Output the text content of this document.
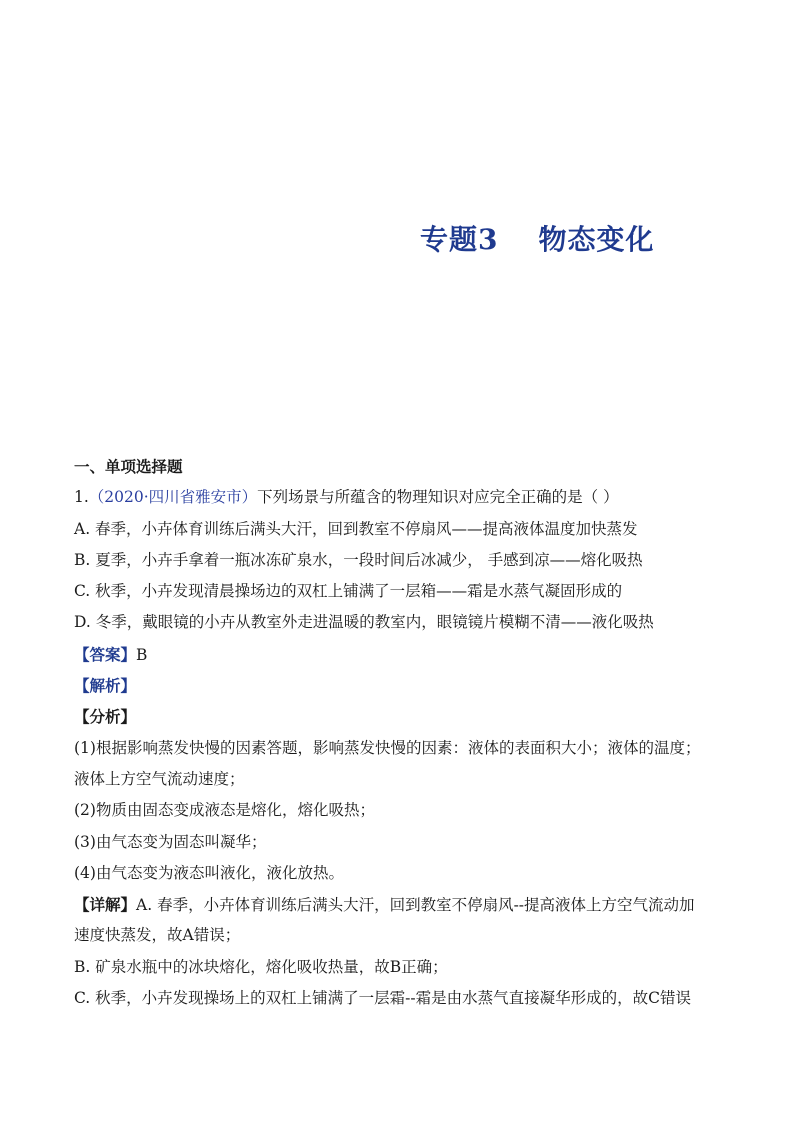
专题3 物态变化
一、单项选择题
1.（2020·四川省雅安市）下列场景与所蕴含的物理知识对应完全正确的是（ ）
A. 春季，小卉体育训练后满头大汗，回到教室不停扇风——提高液体温度加快蒸发
B. 夏季，小卉手拿着一瓶冰冻矿泉水，一段时间后冰减少， 手感到凉——熔化吸热
C. 秋季，小卉发现清晨操场边的双杠上铺满了一层箱——霜是水蒸气凝固形成的
D. 冬季，戴眼镜的小卉从教室外走进温暖的教室内，眼镜镜片模糊不清——液化吸热
【答案】B
【解析】
【分析】
(1)根据影响蒸发快慢的因素答题，影响蒸发快慢的因素：液体的表面积大小；液体的温度；
液体上方空气流动速度；
(2)物质由固态变成液态是熔化，熔化吸热；
(3)由气态变为固态叫凝华；
(4)由气态变为液态叫液化，液化放热。
【详解】A. 春季，小卉体育训练后满头大汗，回到教室不停扇风--提高液体上方空气流动加
速度快蒸发，故A错误；
B. 矿泉水瓶中的冰块熔化，熔化吸收热量，故B正确；
C. 秋季，小卉发现操场上的双杠上铺满了一层霜--霜是由水蒸气直接凝华形成的，故C错误
